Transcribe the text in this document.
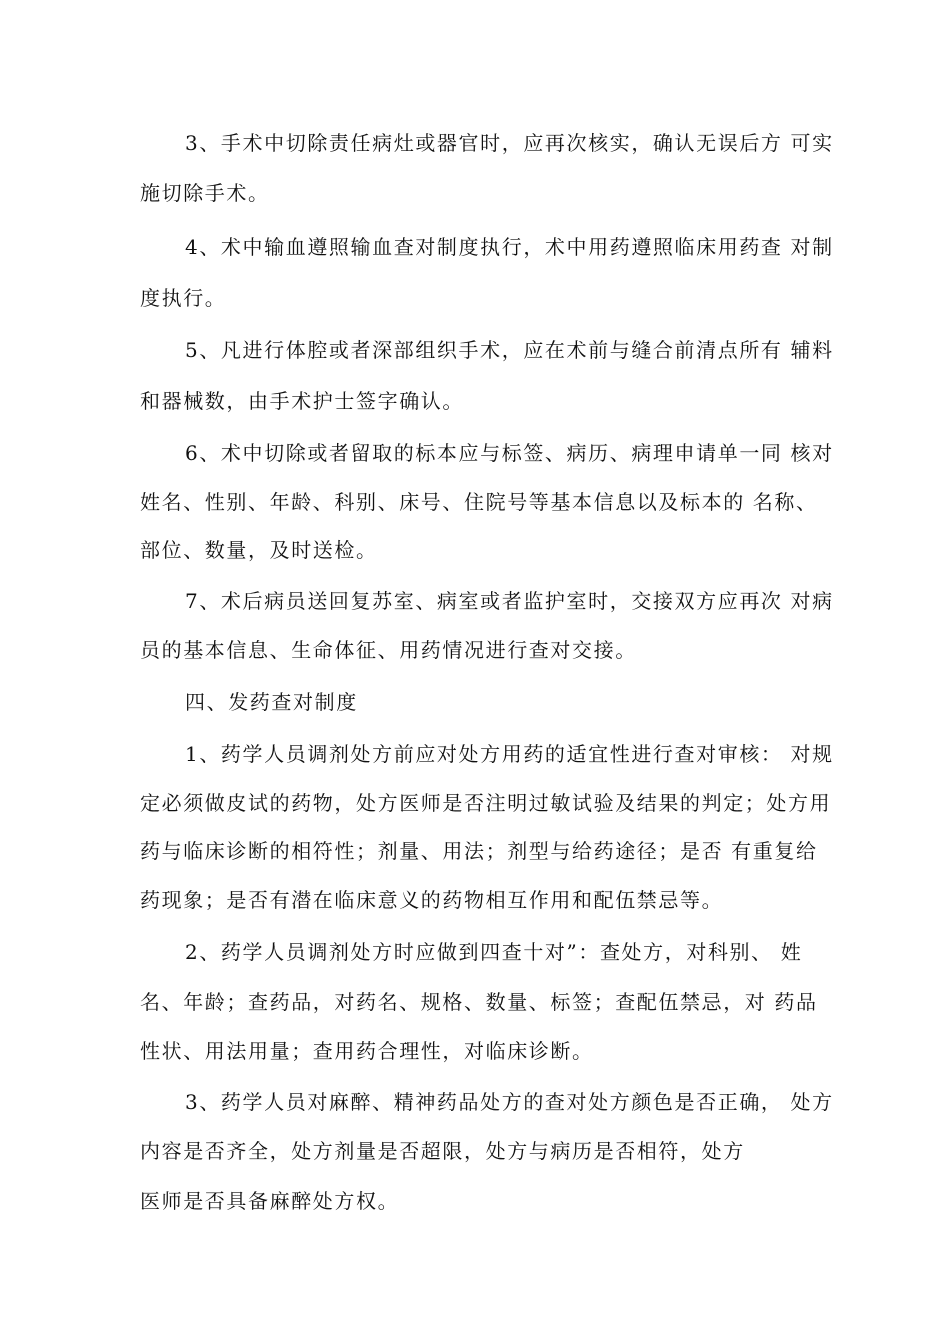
3、手术中切除责任病灶或器官时，应再次核实，确认无误后方 可实
施切除手术。
4、术中输血遵照输血查对制度执行，术中用药遵照临床用药查 对制
度执行。
5、凡进行体腔或者深部组织手术，应在术前与缝合前清点所有 辅料
和器械数，由手术护士签字确认。
6、术中切除或者留取的标本应与标签、病历、病理申请单一同 核对
姓名、性别、年龄、科别、床号、住院号等基本信息以及标本的 名称、
部位、数量，及时送检。
7、术后病员送回复苏室、病室或者监护室时，交接双方应再次 对病
员的基本信息、生命体征、用药情况进行查对交接。
四、发药查对制度
1、药学人员调剂处方前应对处方用药的适宜性进行查对审核： 对规
定必须做皮试的药物，处方医师是否注明过敏试验及结果的判定；处方用
药与临床诊断的相符性；剂量、用法；剂型与给药途径；是否 有重复给
药现象；是否有潜在临床意义的药物相互作用和配伍禁忌等。
2、药学人员调剂处方时应做到四查十对”：查处方，对科别、 姓
名、年龄；查药品，对药名、规格、数量、标签；查配伍禁忌，对 药品
性状、用法用量；查用药合理性，对临床诊断。
3、药学人员对麻醉、精神药品处方的查对处方颜色是否正确， 处方
内容是否齐全，处方剂量是否超限，处方与病历是否相符，处方
医师是否具备麻醉处方权。
